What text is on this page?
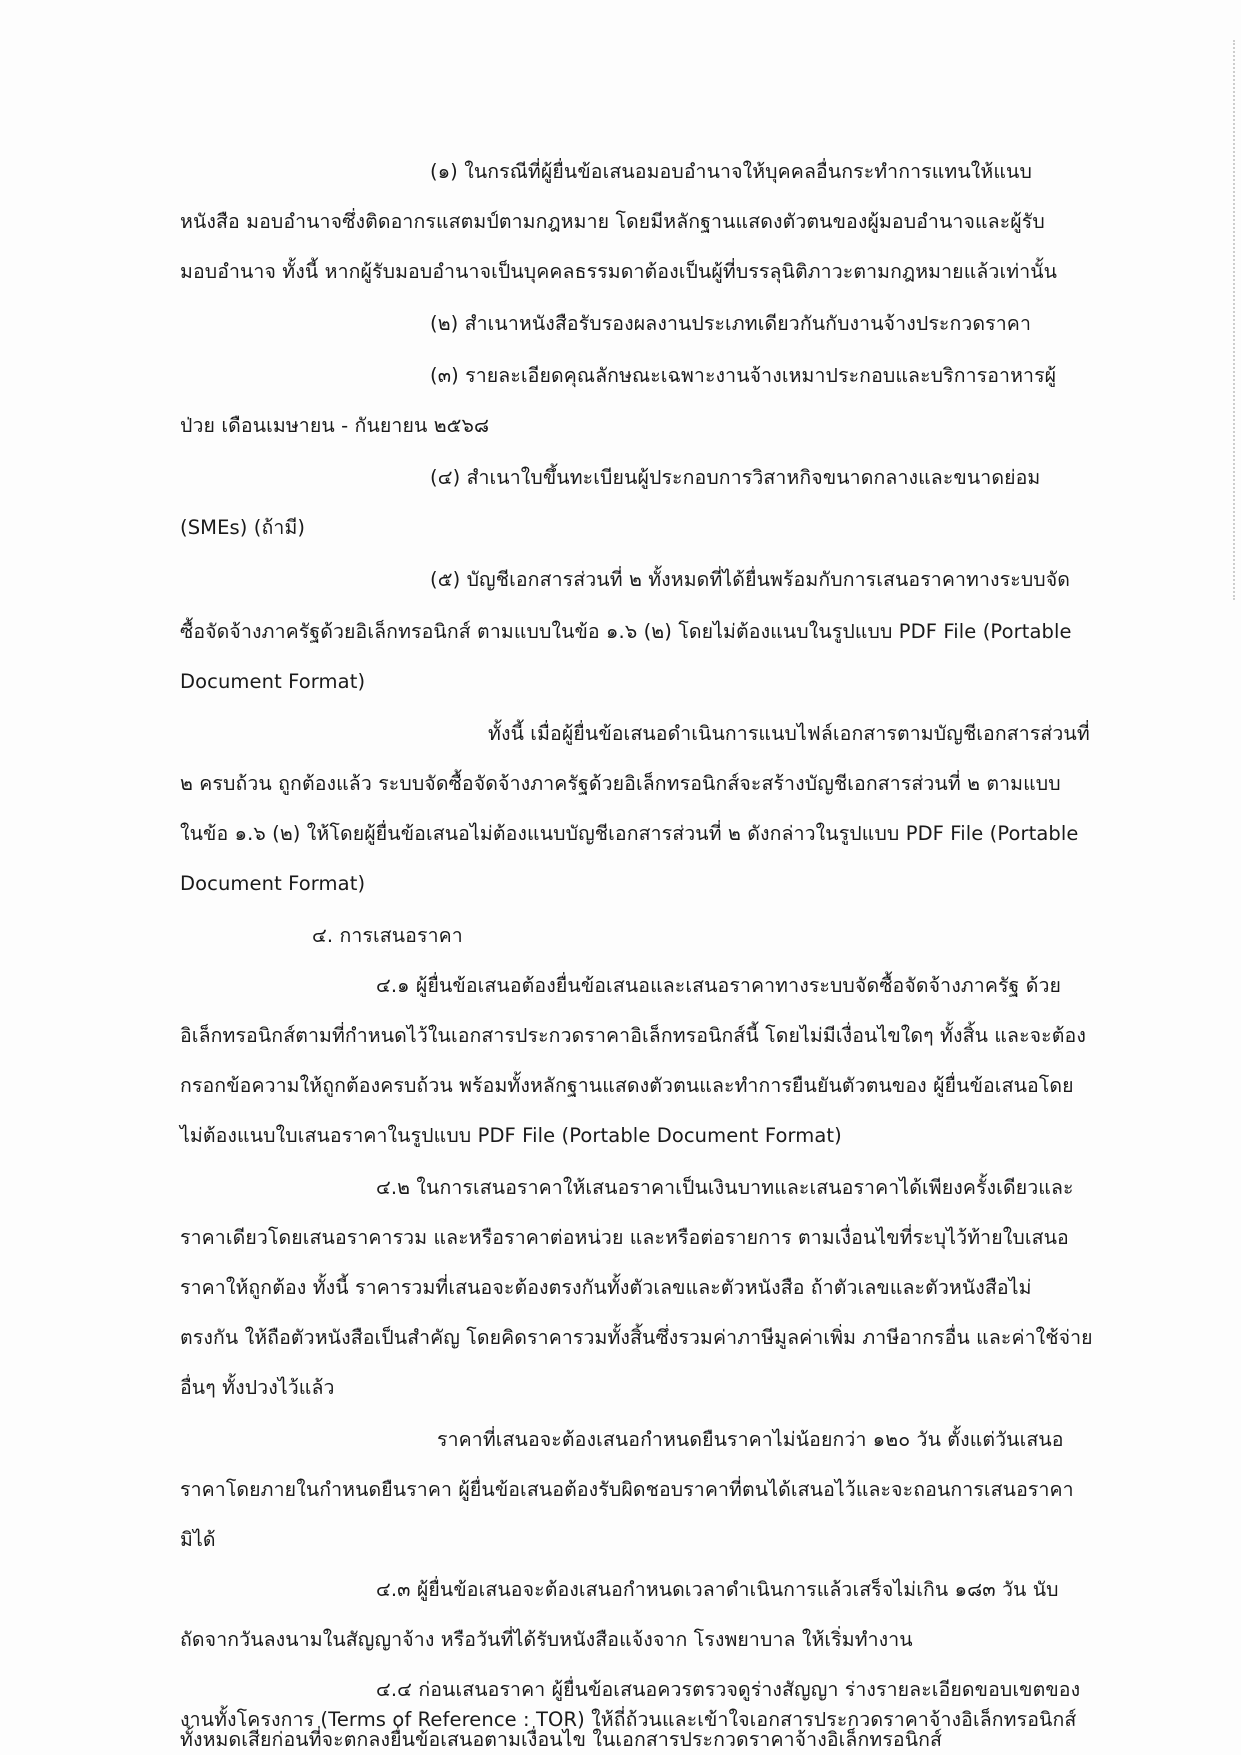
(๑) ในกรณีที่ผู้ยื่นข้อเสนอมอบอำนาจให้บุคคลอื่นกระทำการแทนให้แนบ
หนังสือ มอบอำนาจซึ่งติดอากรแสตมป์ตามกฎหมาย โดยมีหลักฐานแสดงตัวตนของผู้มอบอำนาจและผู้รับ
มอบอำนาจ ทั้งนี้ หากผู้รับมอบอำนาจเป็นบุคคลธรรมดาต้องเป็นผู้ที่บรรลุนิติภาวะตามกฎหมายแล้วเท่านั้น
(๒) สำเนาหนังสือรับรองผลงานประเภทเดียวกันกับงานจ้างประกวดราคา
(๓) รายละเอียดคุณลักษณะเฉพาะงานจ้างเหมาประกอบและบริการอาหารผู้
ป่วย เดือนเมษายน - กันยายน ๒๕๖๘
(๔) สำเนาใบขึ้นทะเบียนผู้ประกอบการวิสาหกิจขนาดกลางและขนาดย่อม
(SMEs) (ถ้ามี)
(๕) บัญชีเอกสารส่วนที่ ๒ ทั้งหมดที่ได้ยื่นพร้อมกับการเสนอราคาทางระบบจัด
ซื้อจัดจ้างภาครัฐด้วยอิเล็กทรอนิกส์ ตามแบบในข้อ ๑.๖ (๒) โดยไม่ต้องแนบในรูปแบบ PDF File (Portable
Document Format)
ทั้งนี้ เมื่อผู้ยื่นข้อเสนอดำเนินการแนบไฟล์เอกสารตามบัญชีเอกสารส่วนที่
๒ ครบถ้วน ถูกต้องแล้ว ระบบจัดซื้อจัดจ้างภาครัฐด้วยอิเล็กทรอนิกส์จะสร้างบัญชีเอกสารส่วนที่ ๒ ตามแบบ
ในข้อ ๑.๖ (๒) ให้โดยผู้ยื่นข้อเสนอไม่ต้องแนบบัญชีเอกสารส่วนที่ ๒ ดังกล่าวในรูปแบบ PDF File (Portable
Document Format)
๔. การเสนอราคา
๔.๑ ผู้ยื่นข้อเสนอต้องยื่นข้อเสนอและเสนอราคาทางระบบจัดซื้อจัดจ้างภาครัฐ ด้วย
อิเล็กทรอนิกส์ตามที่กำหนดไว้ในเอกสารประกวดราคาอิเล็กทรอนิกส์นี้ โดยไม่มีเงื่อนไขใดๆ ทั้งสิ้น และจะต้อง
กรอกข้อความให้ถูกต้องครบถ้วน พร้อมทั้งหลักฐานแสดงตัวตนและทำการยืนยันตัวตนของ ผู้ยื่นข้อเสนอโดย
ไม่ต้องแนบใบเสนอราคาในรูปแบบ PDF File (Portable Document Format)
๔.๒ ในการเสนอราคาให้เสนอราคาเป็นเงินบาทและเสนอราคาได้เพียงครั้งเดียวและ
ราคาเดียวโดยเสนอราคารวม และหรือราคาต่อหน่วย และหรือต่อรายการ ตามเงื่อนไขที่ระบุไว้ท้ายใบเสนอ
ราคาให้ถูกต้อง ทั้งนี้ ราคารวมที่เสนอจะต้องตรงกันทั้งตัวเลขและตัวหนังสือ ถ้าตัวเลขและตัวหนังสือไม่
ตรงกัน ให้ถือตัวหนังสือเป็นสำคัญ โดยคิดราคารวมทั้งสิ้นซึ่งรวมค่าภาษีมูลค่าเพิ่ม ภาษีอากรอื่น และค่าใช้จ่าย
อื่นๆ ทั้งปวงไว้แล้ว
ราคาที่เสนอจะต้องเสนอกำหนดยืนราคาไม่น้อยกว่า ๑๒๐ วัน ตั้งแต่วันเสนอ
ราคาโดยภายในกำหนดยืนราคา ผู้ยื่นข้อเสนอต้องรับผิดชอบราคาที่ตนได้เสนอไว้และจะถอนการเสนอราคา
มิได้
๔.๓ ผู้ยื่นข้อเสนอจะต้องเสนอกำหนดเวลาดำเนินการแล้วเสร็จไม่เกิน ๑๘๓ วัน นับ
ถัดจากวันลงนามในสัญญาจ้าง หรือวันที่ได้รับหนังสือแจ้งจาก โรงพยาบาล ให้เริ่มทำงาน
๔.๔ ก่อนเสนอราคา ผู้ยื่นข้อเสนอควรตรวจดูร่างสัญญา ร่างรายละเอียดขอบเขตของ
งานทั้งโครงการ (Terms of Reference : TOR) ให้ถี่ถ้วนและเข้าใจเอกสารประกวดราคาจ้างอิเล็กทรอนิกส์
ทั้งหมดเสียก่อนที่จะตกลงยื่นข้อเสนอตามเงื่อนไข ในเอกสารประกวดราคาจ้างอิเล็กทรอนิกส์
